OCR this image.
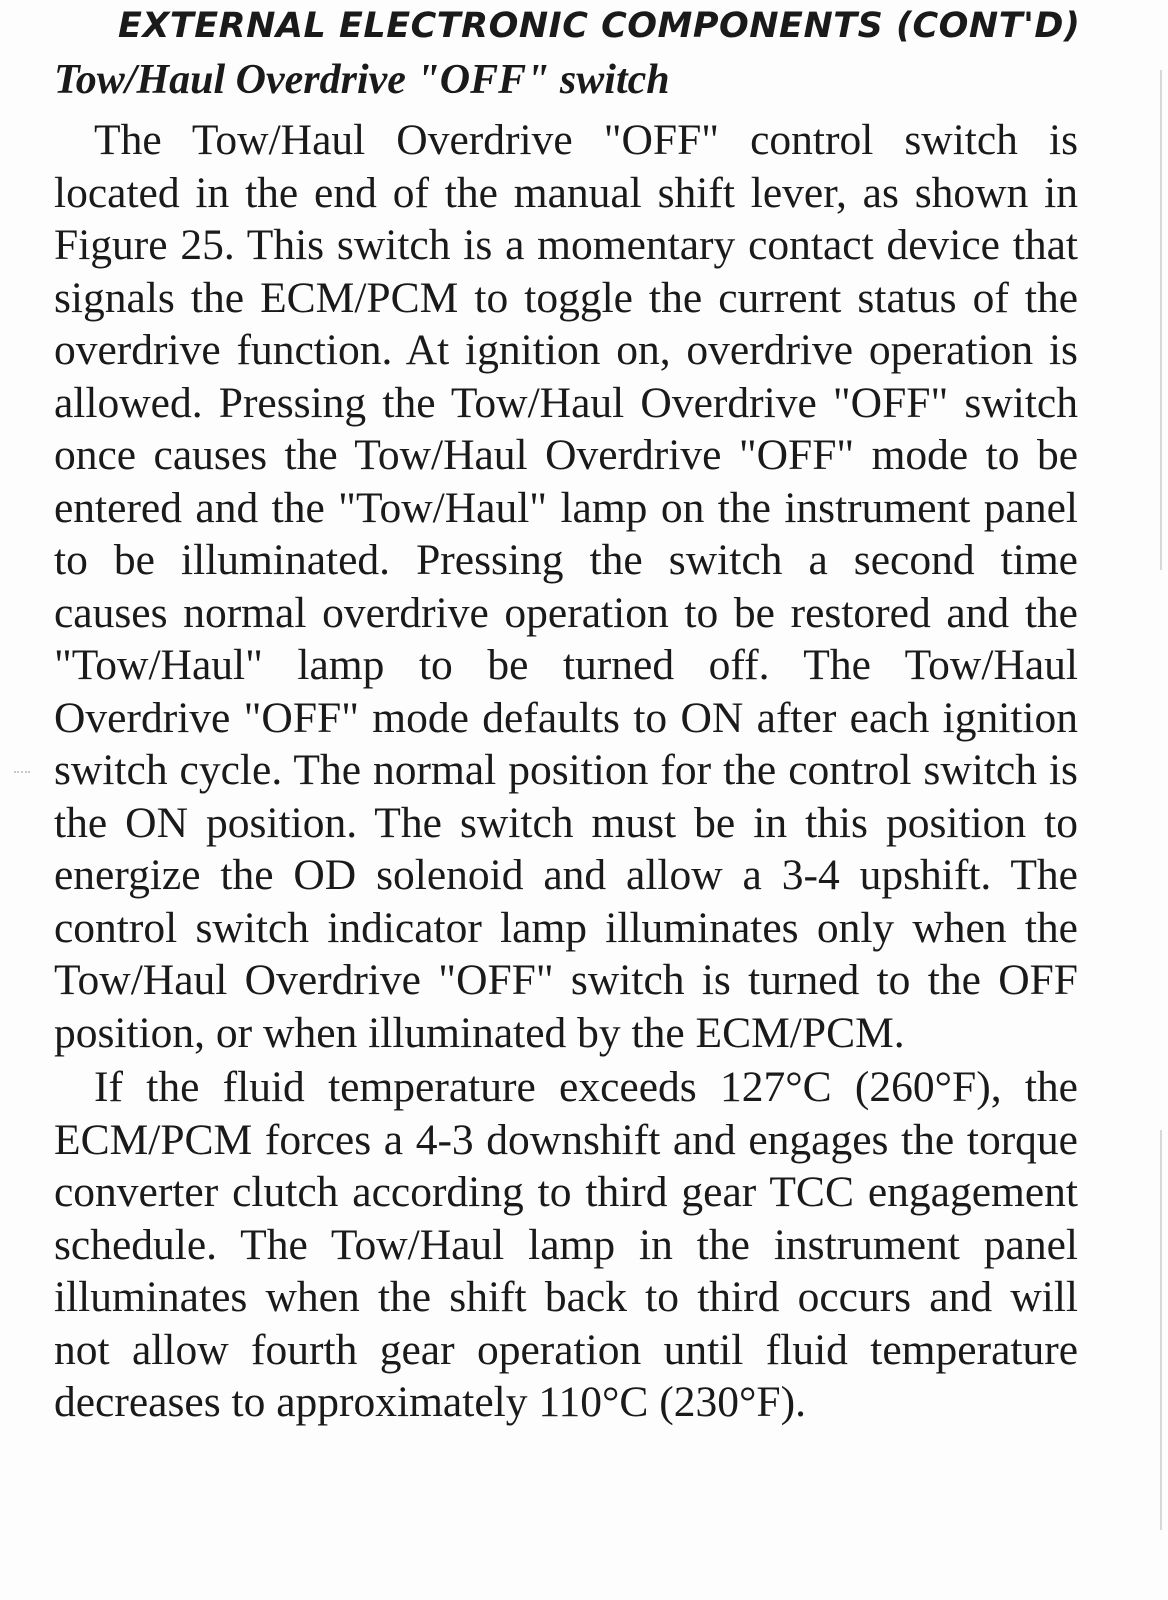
EXTERNAL ELECTRONIC COMPONENTS (CONT'D)
Tow/Haul Overdrive "OFF" switch

The Tow/Haul Overdrive "OFF" control switch is located in the end of the manual shift lever, as shown in Figure 25. This switch is a momentary contact device that signals the ECM/PCM to toggle the current status of the overdrive function. At ignition on, overdrive operation is allowed. Pressing the Tow/Haul Overdrive "OFF" switch once causes the Tow/Haul Overdrive "OFF" mode to be entered and the "Tow/Haul" lamp on the instrument panel to be illuminated. Pressing the switch a second time causes normal overdrive operation to be restored and the "Tow/Haul" lamp to be turned off. The Tow/Haul Overdrive "OFF" mode defaults to ON after each ignition switch cycle. The normal position for the control switch is the ON position. The switch must be in this position to energize the OD solenoid and allow a 3-4 upshift. The control switch indicator lamp illuminates only when the Tow/Haul Overdrive "OFF" switch is turned to the OFF position, or when illuminated by the ECM/PCM.

If the fluid temperature exceeds 127°C (260°F), the ECM/PCM forces a 4-3 downshift and engages the torque converter clutch according to third gear TCC engagement schedule. The Tow/Haul lamp in the instrument panel illuminates when the shift back to third occurs and will not allow fourth gear operation until fluid temperature decreases to approximately 110°C (230°F).
